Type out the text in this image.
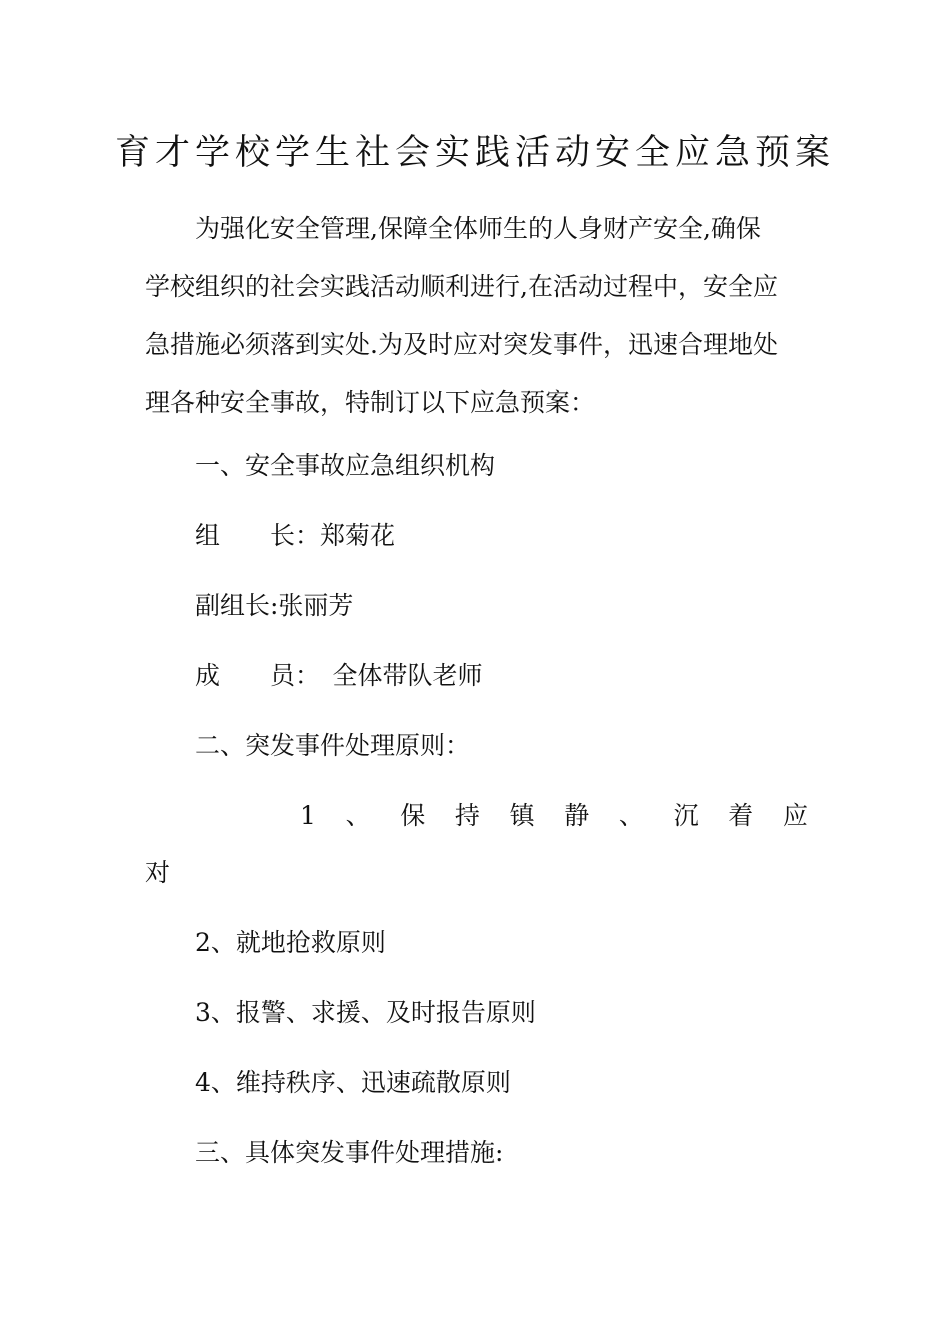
育才学校学生社会实践活动安全应急预案
为强化安全管理,保障全体师生的人身财产安全,确保
学校组织的社会实践活动顺利进行,在活动过程中，安全应
急措施必须落到实处.为及时应对突发事件，迅速合理地处
理各种安全事故，特制订以下应急预案：

一、安全事故应急组织机构

组　　长：郑菊花

副组长:张丽芳

成　　员：　全体带队老师

二、突发事件处理原则：

1 、 保 持 镇 静 、 沉 着 应

对

2、就地抢救原则

3、报警、求援、及时报告原则

4、维持秩序、迅速疏散原则

三、具体突发事件处理措施:
